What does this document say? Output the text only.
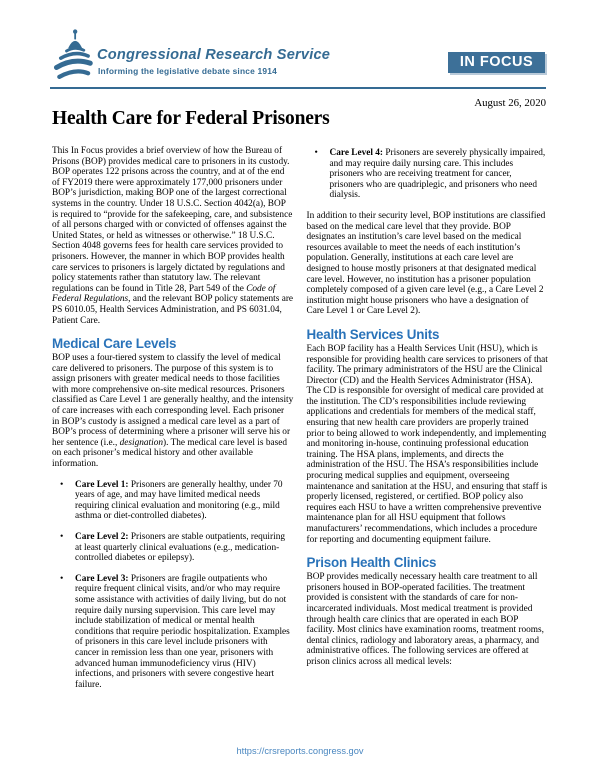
Congressional Research Service
Informing the legislative debate since 1914
IN FOCUS
August 26, 2020
Health Care for Federal Prisoners

This In Focus provides a brief overview of how the Bureau of Prisons (BOP) provides medical care to prisoners in its custody. BOP operates 122 prisons across the country, and at of the end of FY2019 there were approximately 177,000 prisoners under BOP’s jurisdiction, making BOP one of the largest correctional systems in the country. Under 18 U.S.C. Section 4042(a), BOP is required to “provide for the safekeeping, care, and subsistence of all persons charged with or convicted of offenses against the United States, or held as witnesses or otherwise.” 18 U.S.C. Section 4048 governs fees for health care services provided to prisoners. However, the manner in which BOP provides health care services to prisoners is largely dictated by regulations and policy statements rather than statutory law. The relevant regulations can be found in Title 28, Part 549 of the Code of Federal Regulations, and the relevant BOP policy statements are PS 6010.05, Health Services Administration, and PS 6031.04, Patient Care.

Medical Care Levels

BOP uses a four-tiered system to classify the level of medical care delivered to prisoners. The purpose of this system is to assign prisoners with greater medical needs to those facilities with more comprehensive on-site medical resources. Prisoners classified as Care Level 1 are generally healthy, and the intensity of care increases with each corresponding level. Each prisoner in BOP’s custody is assigned a medical care level as a part of BOP’s process of determining where a prisoner will serve his or her sentence (i.e., designation). The medical care level is based on each prisoner’s medical history and other available information.

• Care Level 1: Prisoners are generally healthy, under 70 years of age, and may have limited medical needs requiring clinical evaluation and monitoring (e.g., mild asthma or diet-controlled diabetes).
• Care Level 2: Prisoners are stable outpatients, requiring at least quarterly clinical evaluations (e.g., medication-controlled diabetes or epilepsy).
• Care Level 3: Prisoners are fragile outpatients who require frequent clinical visits, and/or who may require some assistance with activities of daily living, but do not require daily nursing supervision. This care level may include stabilization of medical or mental health conditions that require periodic hospitalization. Examples of prisoners in this care level include prisoners with cancer in remission less than one year, prisoners with advanced human immunodeficiency virus (HIV) infections, and prisoners with severe congestive heart failure.
• Care Level 4: Prisoners are severely physically impaired, and may require daily nursing care. This includes prisoners who are receiving treatment for cancer, prisoners who are quadriplegic, and prisoners who need dialysis.

In addition to their security level, BOP institutions are classified based on the medical care level that they provide. BOP designates an institution’s care level based on the medical resources available to meet the needs of each institution’s population. Generally, institutions at each care level are designed to house mostly prisoners at that designated medical care level. However, no institution has a prisoner population completely composed of a given care level (e.g., a Care Level 2 institution might house prisoners who have a designation of Care Level 1 or Care Level 2).

Health Services Units

Each BOP facility has a Health Services Unit (HSU), which is responsible for providing health care services to prisoners of that facility. The primary administrators of the HSU are the Clinical Director (CD) and the Health Services Administrator (HSA). The CD is responsible for oversight of medical care provided at the institution. The CD’s responsibilities include reviewing applications and credentials for members of the medical staff, ensuring that new health care providers are properly trained prior to being allowed to work independently, and implementing and monitoring in-house, continuing professional education training. The HSA plans, implements, and directs the administration of the HSU. The HSA’s responsibilities include procuring medical supplies and equipment, overseeing maintenance and sanitation at the HSU, and ensuring that staff is properly licensed, registered, or certified. BOP policy also requires each HSU to have a written comprehensive preventive maintenance plan for all HSU equipment that follows manufacturers’ recommendations, which includes a procedure for reporting and documenting equipment failure.

Prison Health Clinics

BOP provides medically necessary health care treatment to all prisoners housed in BOP-operated facilities. The treatment provided is consistent with the standards of care for non-incarcerated individuals. Most medical treatment is provided through health care clinics that are operated in each BOP facility. Most clinics have examination rooms, treatment rooms, dental clinics, radiology and laboratory areas, a pharmacy, and administrative offices. The following services are offered at prison clinics across all medical levels:

https://crsreports.congress.gov
